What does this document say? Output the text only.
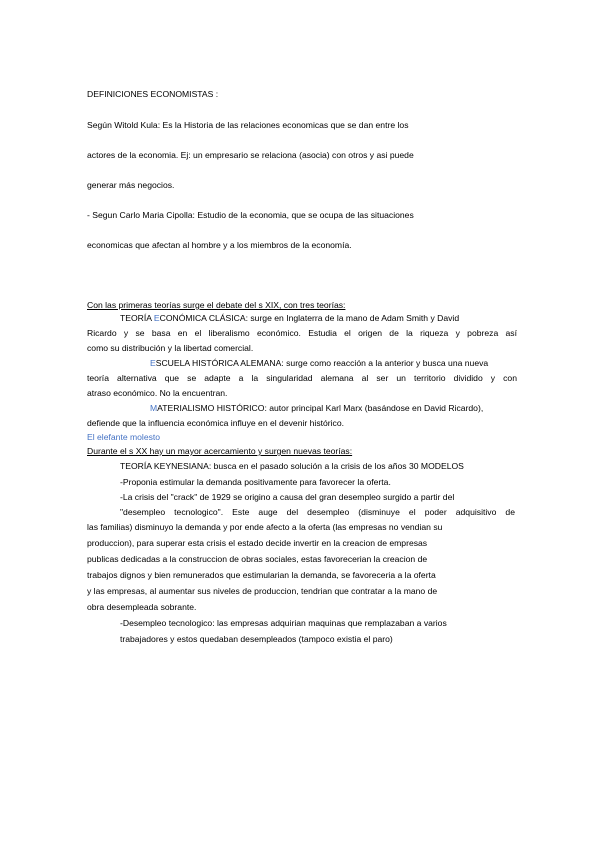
DEFINICIONES ECONOMISTAS :
Según Witold Kula: Es la Historia de las relaciones economicas que se dan entre los
actores de la economia. Ej: un empresario se relaciona (asocia) con otros y asi puede
generar más negocios.
- Segun Carlo Maria Cipolla: Estudio de la economia, que se ocupa de las situaciones
economicas que afectan al hombre y a los miembros de la economía.
Con las primeras teorías surge el debate del s XIX, con tres teorías:
TEORÍA ECONÓMICA CLÁSICA: surge en Inglaterra de la mano de Adam Smith y David
Ricardo y se basa en el liberalismo económico. Estudia el origen de la riqueza y pobreza así
como su distribución y la libertad comercial.
ESCUELA HISTÓRICA ALEMANA: surge como reacción a la anterior y busca una nueva
teoría alternativa que se adapte a la singularidad alemana al ser un territorio dividido y con
atraso económico. No la encuentran.
MATERIALISMO HISTÓRICO: autor principal Karl Marx (basándose en David Ricardo),
defiende que la influencia económica influye en el devenir histórico.
El elefante molesto
Durante el s XX hay un mayor acercamiento y surgen nuevas teorías:
TEORÍA KEYNESIANA: busca en el pasado solución a la crisis de los años 30 MODELOS
-Proponia estimular la demanda positivamente para favorecer la oferta.
-La crisis del "crack" de 1929 se origino a causa del gran desempleo surgido a partir del
"desempleo tecnologico". Este auge del desempleo (disminuye el poder adquisitivo de
las familias) disminuyo la demanda y por ende afecto a la oferta (las empresas no vendian su
produccion), para superar esta crisis el estado decide invertir en la creacion de empresas
publicas dedicadas a la construccion de obras sociales, estas favorecerian la creacion de
trabajos dignos y bien remunerados que estimularian la demanda, se favoreceria a la oferta
y las empresas, al aumentar sus niveles de produccion, tendrian que contratar a la mano de
obra desempleada sobrante.
-Desempleo tecnologico: las empresas adquirian maquinas que remplazaban a varios
trabajadores y estos quedaban desempleados (tampoco existia el paro)
